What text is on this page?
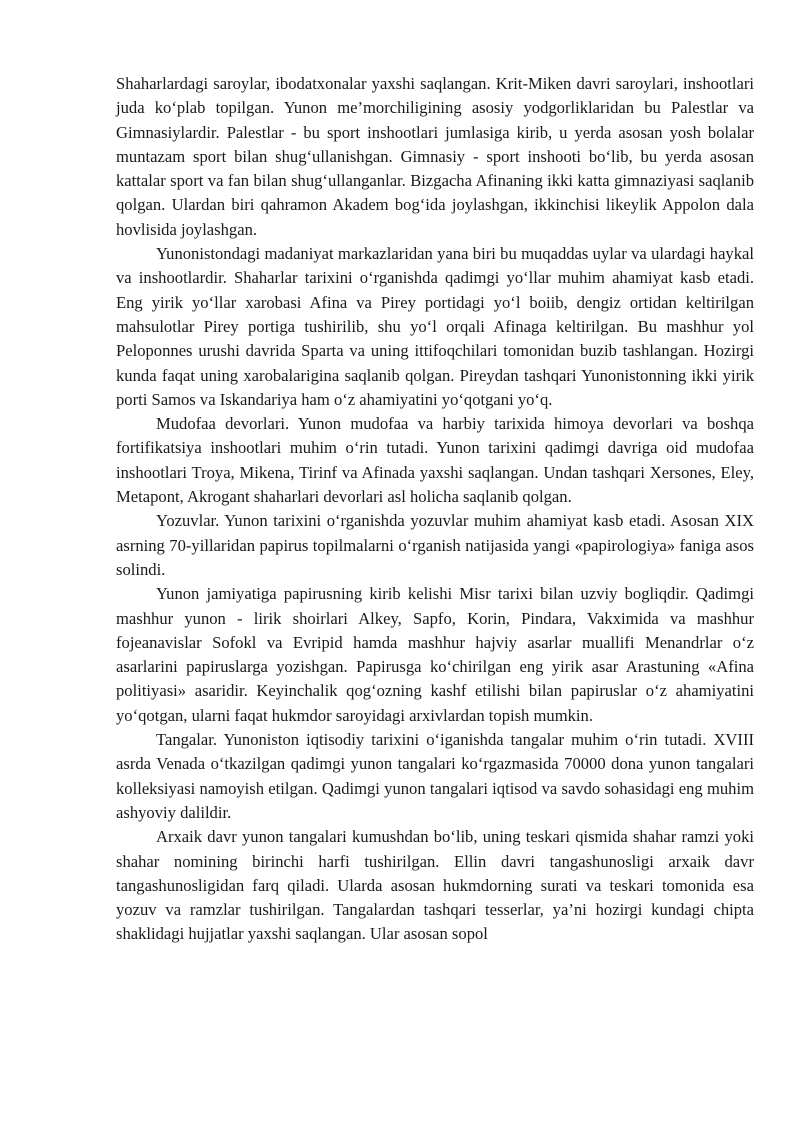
Shaharlardagi saroylar, ibodatxonalar yaxshi saqlangan. Krit-Miken davri saroylari, inshootlari juda ko‘plab topilgan. Yunon me’morchiligining asosiy yodgorliklaridan bu Palestlar va Gimnasiylardir. Palestlar - bu sport inshootlari jumlasiga kirib, u yerda asosan yosh bolalar muntazam sport bilan shug‘ullanishgan. Gimnasiy - sport inshooti bo‘lib, bu yerda asosan kattalar sport va fan bilan shug‘ullanganlar. Bizgacha Afinaning ikki katta gimnaziyasi saqlanib qolgan. Ulardan biri qahramon Akadem bog‘ida joylashgan, ikkinchisi likeylik Appolon dala hovlisida joylashgan.

Yunonistondagi madaniyat markazlaridan yana biri bu muqaddas uylar va ulardagi haykal va inshootlardir. Shaharlar tarixini o‘rganishda qadimgi yo‘llar muhim ahamiyat kasb etadi. Eng yirik yo‘llar xarobasi Afina va Pirey portidagi yo‘l boiib, dengiz ortidan keltirilgan mahsulotlar Pirey portiga tushirilib, shu yo‘l orqali Afinaga keltirilgan. Bu mashhur yol Peloponnes urushi davrida Sparta va uning ittifoqchilari tomonidan buzib tashlangan. Hozirgi kunda faqat uning xarobalarigina saqlanib qolgan. Pireydan tashqari Yunonistonning ikki yirik porti Samos va Iskandariya ham o‘z ahamiyatini yo‘qotgani yo‘q.

Mudofaa devorlari. Yunon mudofaa va harbiy tarixida himoya devorlari va boshqa fortifikatsiya inshootlari muhim o‘rin tutadi. Yunon tarixini qadimgi davriga oid mudofaa inshootlari Troya, Mikena, Tirinf va Afinada yaxshi saqlangan. Undan tashqari Xersones, Eley, Metapont, Akrogant shaharlari devorlari asl holicha saqlanib qolgan.

Yozuvlar. Yunon tarixini o‘rganishda yozuvlar muhim ahamiyat kasb etadi. Asosan XIX asrning 70-yillaridan papirus topilmalarni o‘rganish natijasida yangi «papirologiya» faniga asos solindi.

Yunon jamiyatiga papirusning kirib kelishi Misr tarixi bilan uzviy bogliqdir. Qadimgi mashhur yunon - lirik shoirlari Alkey, Sapfo, Korin, Pindara, Vakximida va mashhur fojeanavislar Sofokl va Evripid hamda mashhur hajviy asarlar muallifi Menandrlar o‘z asarlarini papiruslarga yozishgan. Papirusga ko‘chirilgan eng yirik asar Arastuning «Afina politiyasi» asaridir. Keyinchalik qog‘ozning kashf etilishi bilan papiruslar o‘z ahamiyatini yo‘qotgan, ularni faqat hukmdor saroyidagi arxivlardan topish mumkin.

Tangalar. Yunoniston iqtisodiy tarixini o‘iganishda tangalar muhim o‘rin tutadi. XVIII asrda Venada o‘tkazilgan qadimgi yunon tangalari ko‘rgazmasida 70000 dona yunon tangalari kolleksiyasi namoyish etilgan. Qadimgi yunon tangalari iqtisod va savdo sohasidagi eng muhim ashyoviy dalildir.

Arxaik davr yunon tangalari kumushdan bo‘lib, uning teskari qismida shahar ramzi yoki shahar nomining birinchi harfi tushirilgan. Ellin davri tangashunosligi arxaik davr tangashunosligidan farq qiladi. Ularda asosan hukmdorning surati va teskari tomonida esa yozuv va ramzlar tushirilgan. Tangalardan tashqari tesserlar, ya’ni hozirgi kundagi chipta shaklidagi hujjatlar yaxshi saqlangan. Ular asosan sopol
